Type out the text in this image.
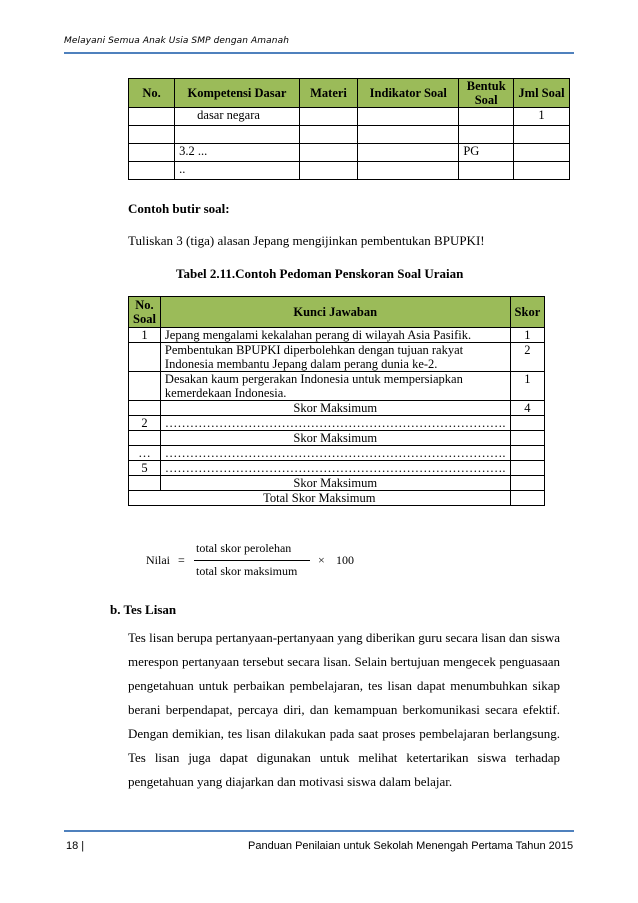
Melayani Semua Anak Usia SMP dengan Amanah
No.	Kompetensi Dasar	Materi	Indikator Soal	Bentuk Soal	Jml Soal
	dasar negara				1

	3.2 ...			PG	
	..				
Contoh butir soal:
Tuliskan 3 (tiga) alasan Jepang mengijinkan pembentukan BPUPKI!
Tabel 2.11.Contoh Pedoman Penskoran Soal Uraian
No. Soal	Kunci Jawaban	Skor
1	Jepang mengalami kekalahan perang di wilayah Asia Pasifik.	1
	Pembentukan BPUPKI diperbolehkan dengan tujuan rakyat Indonesia membantu Jepang dalam perang dunia ke-2.	2
	Desakan kaum pergerakan Indonesia untuk mempersiapkan kemerdekaan Indonesia.	1
	Skor Maksimum	4
2	……………………………………………………………………….	
	Skor Maksimum	
…	……………………………………………………………………….	
5	……………………………………………………………………….	
	Skor Maksimum	
Total Skor Maksimum		
Nilai =
total skor perolehan
total skor maksimum
× 100
b. Tes Lisan
Tes lisan berupa pertanyaan-pertanyaan yang diberikan guru secara lisan dan siswa
merespon pertanyaan tersebut secara lisan. Selain bertujuan mengecek penguasaan
pengetahuan untuk perbaikan pembelajaran, tes lisan dapat menumbuhkan sikap
berani berpendapat, percaya diri, dan kemampuan berkomunikasi secara efektif.
Dengan demikian, tes lisan dilakukan pada saat proses pembelajaran berlangsung.
Tes lisan juga dapat digunakan untuk melihat ketertarikan siswa terhadap
pengetahuan yang diajarkan dan motivasi siswa dalam belajar.
18 |	Panduan Penilaian untuk Sekolah Menengah Pertama Tahun 2015
